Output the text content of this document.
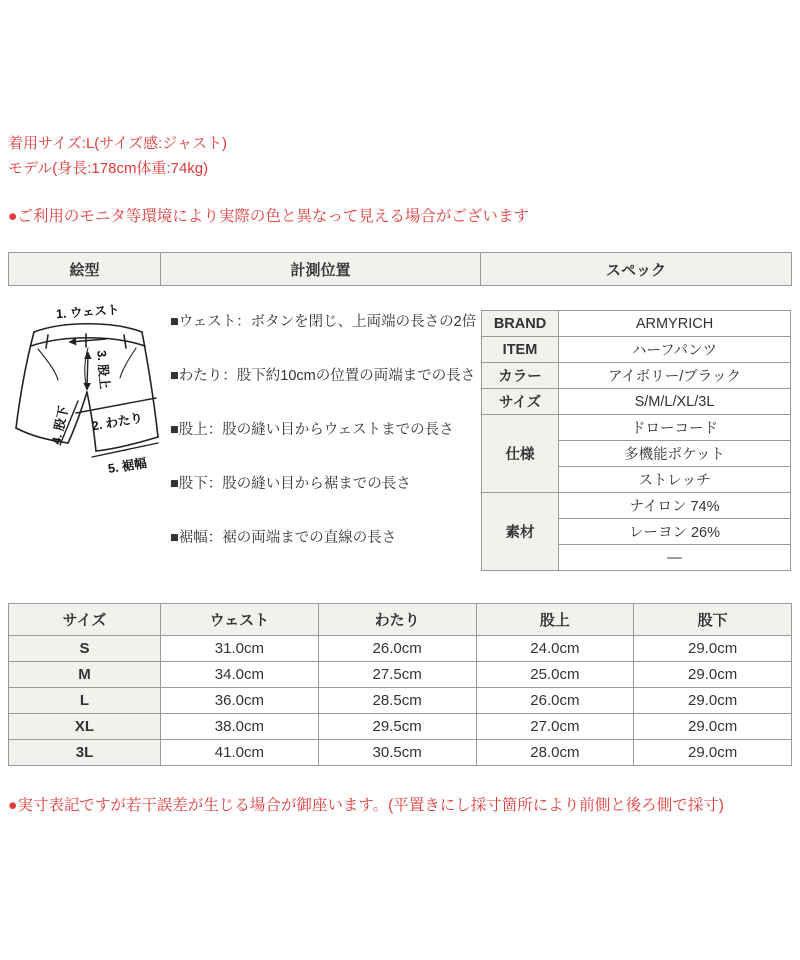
着用サイズ:L(サイズ感:ジャスト)
モデル(身長:178cm体重:74kg)
●ご利用のモニタ等環境により実際の色と異なって見える場合がございます
絵型	計測位置	スペック
1. ウェスト
2. わたり
3. 股上
4. 股下
5. 裾幅

■ウェスト：ボタンを閉じ、上両端の長さの2倍

■わたり：股下約10cmの位置の両端までの長さ

■股上：股の縫い目からウェストまでの長さ

■股下：股の縫い目から裾までの長さ

■裾幅：裾の両端までの直線の長さ

BRAND	ARMYRICH
ITEM	ハーフパンツ
カラー	アイボリー/ブラック
サイズ	S/M/L/XL/3L
仕様	ドローコード
	多機能ポケット
	ストレッチ
素材	ナイロン 74%
	レーヨン 26%
	—
サイズ	ウェスト	わたり	股上	股下
S	31.0cm	26.0cm	24.0cm	29.0cm
M	34.0cm	27.5cm	25.0cm	29.0cm
L	36.0cm	28.5cm	26.0cm	29.0cm
XL	38.0cm	29.5cm	27.0cm	29.0cm
3L	41.0cm	30.5cm	28.0cm	29.0cm
●実寸表記ですが若干誤差が生じる場合が御座います。(平置きにし採寸箇所により前側と後ろ側で採寸)
